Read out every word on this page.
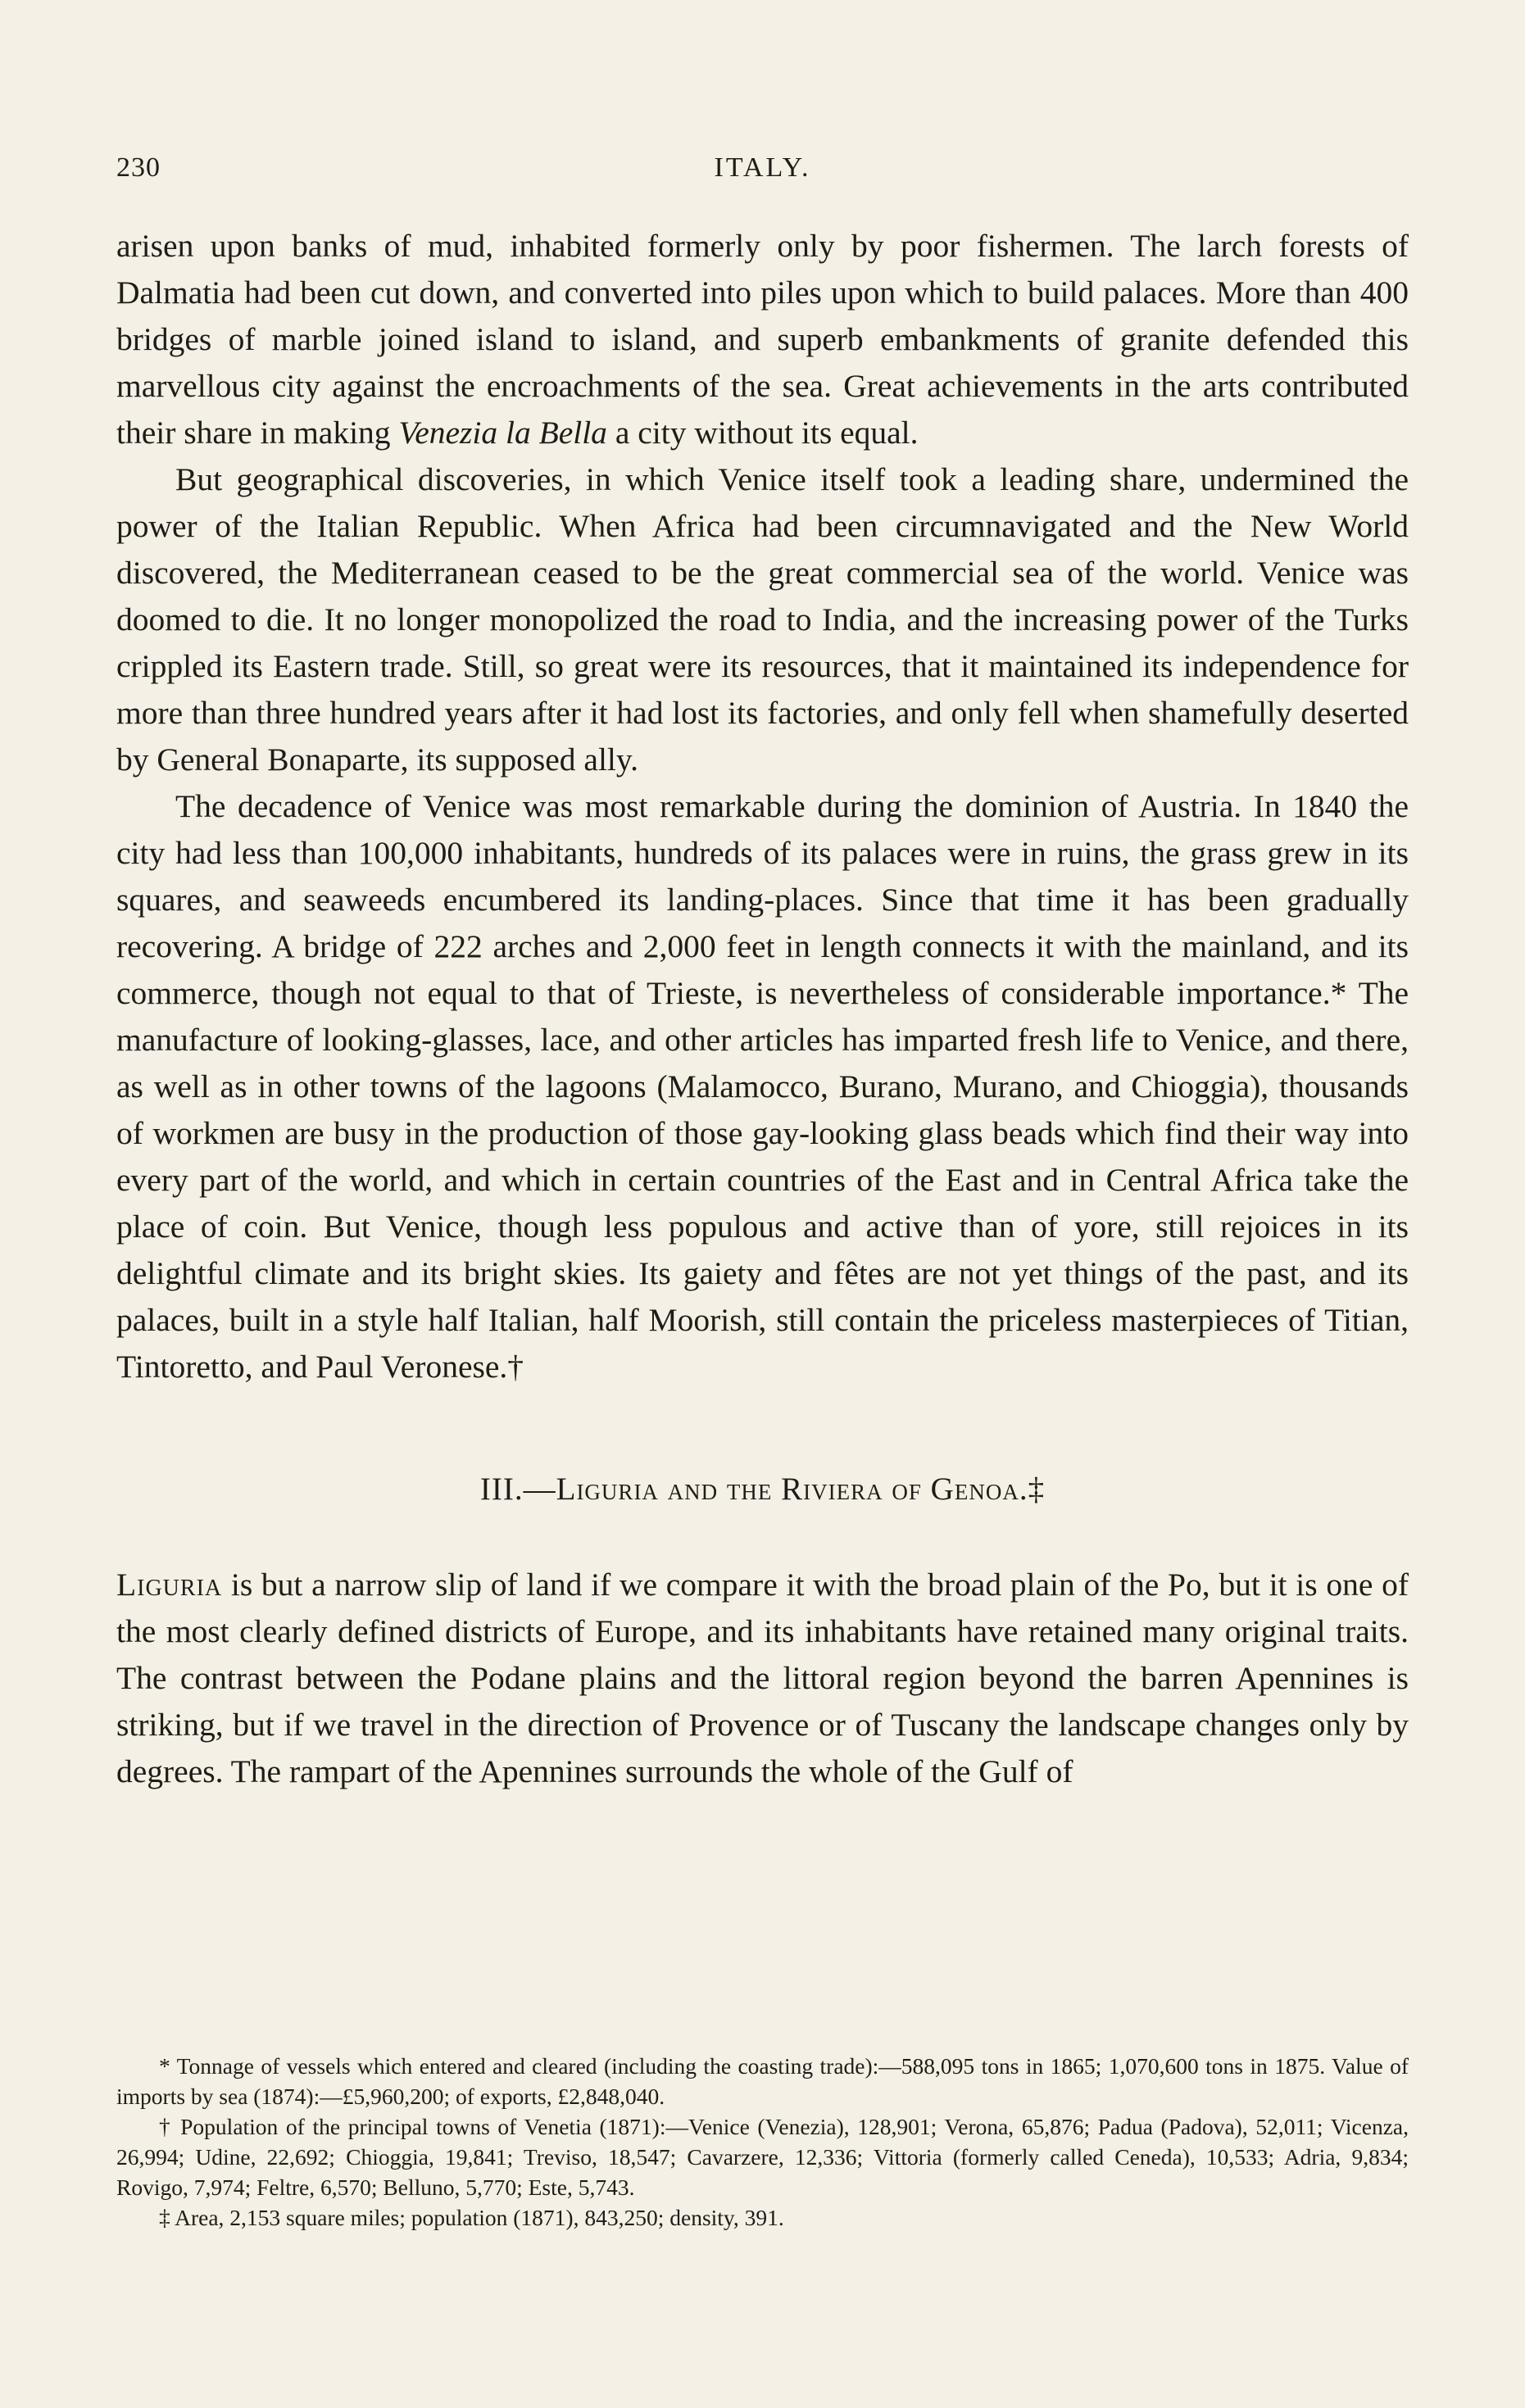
230	ITALY.

arisen upon banks of mud, inhabited formerly only by poor fishermen. The larch forests of Dalmatia had been cut down, and converted into piles upon which to build palaces. More than 400 bridges of marble joined island to island, and superb embankments of granite defended this marvellous city against the encroachments of the sea. Great achievements in the arts contributed their share in making Venezia la Bella a city without its equal.

But geographical discoveries, in which Venice itself took a leading share, undermined the power of the Italian Republic. When Africa had been circumnavigated and the New World discovered, the Mediterranean ceased to be the great commercial sea of the world. Venice was doomed to die. It no longer monopolized the road to India, and the increasing power of the Turks crippled its Eastern trade. Still, so great were its resources, that it maintained its independence for more than three hundred years after it had lost its factories, and only fell when shamefully deserted by General Bonaparte, its supposed ally.

The decadence of Venice was most remarkable during the dominion of Austria. In 1840 the city had less than 100,000 inhabitants, hundreds of its palaces were in ruins, the grass grew in its squares, and seaweeds encumbered its landing-places. Since that time it has been gradually recovering. A bridge of 222 arches and 2,000 feet in length connects it with the mainland, and its commerce, though not equal to that of Trieste, is nevertheless of considerable importance.* The manufacture of looking-glasses, lace, and other articles has imparted fresh life to Venice, and there, as well as in other towns of the lagoons (Malamocco, Burano, Murano, and Chioggia), thousands of workmen are busy in the production of those gay-looking glass beads which find their way into every part of the world, and which in certain countries of the East and in Central Africa take the place of coin. But Venice, though less populous and active than of yore, still rejoices in its delightful climate and its bright skies. Its gaiety and fêtes are not yet things of the past, and its palaces, built in a style half Italian, half Moorish, still contain the priceless masterpieces of Titian, Tintoretto, and Paul Veronese.†

III.—Liguria and the Riviera of Genoa.‡

Liguria is but a narrow slip of land if we compare it with the broad plain of the Po, but it is one of the most clearly defined districts of Europe, and its inhabitants have retained many original traits. The contrast between the Podane plains and the littoral region beyond the barren Apennines is striking, but if we travel in the direction of Provence or of Tuscany the landscape changes only by degrees. The rampart of the Apennines surrounds the whole of the Gulf of

* Tonnage of vessels which entered and cleared (including the coasting trade):—588,095 tons in 1865; 1,070,600 tons in 1875. Value of imports by sea (1874):—£5,960,200; of exports, £2,848,040.

† Population of the principal towns of Venetia (1871):—Venice (Venezia), 128,901; Verona, 65,876; Padua (Padova), 52,011; Vicenza, 26,994; Udine, 22,692; Chioggia, 19,841; Treviso, 18,547; Cavarzere, 12,336; Vittoria (formerly called Ceneda), 10,533; Adria, 9,834; Rovigo, 7,974; Feltre, 6,570; Belluno, 5,770; Este, 5,743.

‡ Area, 2,153 square miles; population (1871), 843,250; density, 391.
